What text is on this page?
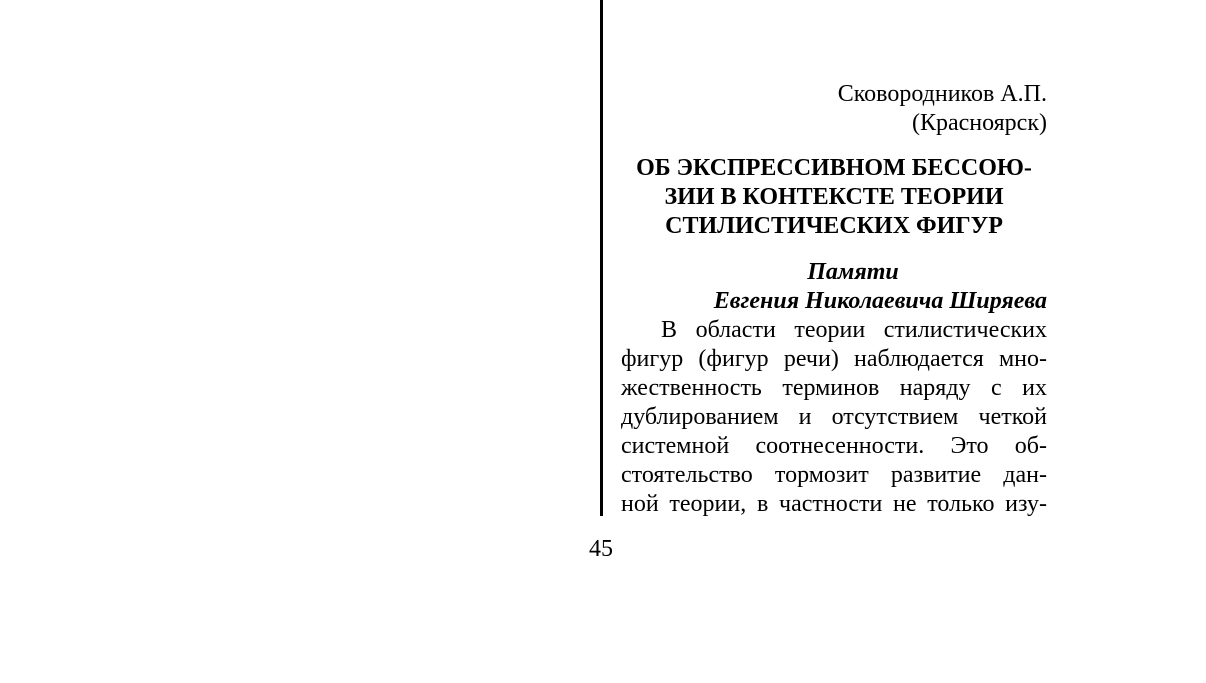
Сковородников А.П.
(Красноярск)
ОБ ЭКСПРЕССИВНОМ БЕССОЮ-
ЗИИ В КОНТЕКСТЕ ТЕОРИИ
СТИЛИСТИЧЕСКИХ ФИГУР
Памяти
Евгения Николаевича Ширяева
В области теории стилистических
фигур (фигур речи) наблюдается мно-
жественность терминов наряду с их
дублированием и отсутствием четкой
системной соотнесенности. Это об-
стоятельство тормозит развитие дан-
ной теории, в частности не только изу-
45
